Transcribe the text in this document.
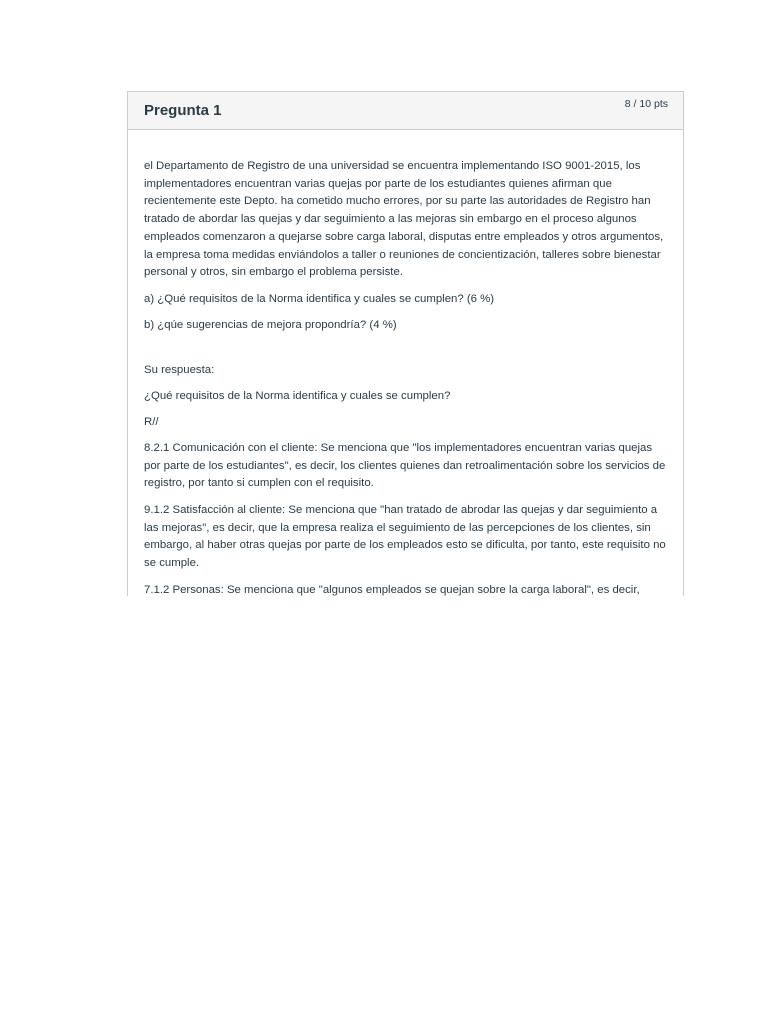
Pregunta 1	8 / 10 pts

el Departamento de Registro de una universidad se encuentra implementando ISO 9001-2015, los implementadores encuentran varias quejas por parte de los estudiantes quienes afirman que recientemente este Depto. ha cometido mucho errores, por su parte las autoridades de Registro han tratado de abordar las quejas y dar seguimiento a las mejoras sin embargo en el proceso algunos empleados comenzaron a quejarse sobre carga laboral, disputas entre empleados y otros argumentos, la empresa toma medidas enviándolos a taller o reuniones de concientización, talleres sobre bienestar personal y otros, sin embargo el problema persiste.

a) ¿Qué requisitos de la Norma identifica y cuales se cumplen? (6 %)

b) ¿qúe sugerencias de mejora propondría? (4 %)

Su respuesta:

¿Qué requisitos de la Norma identifica y cuales se cumplen?

R//

8.2.1 Comunicación con el cliente: Se menciona que "los implementadores encuentran varias quejas por parte de los estudiantes", es decir, los clientes quienes dan retroalimentación sobre los servicios de registro, por tanto si cumplen con el requisito.

9.1.2 Satisfacción al cliente: Se menciona que "han tratado de abrodar las quejas y dar seguimiento a las mejoras", es decir, que la empresa realiza el seguimiento de las percepciones de los clientes, sin embargo, al haber otras quejas por parte de los empleados esto se dificulta, por tanto, este requisito no se cumple.

7.1.2 Personas: Se menciona que "algunos empleados se quejan sobre la carga laboral", es decir,
